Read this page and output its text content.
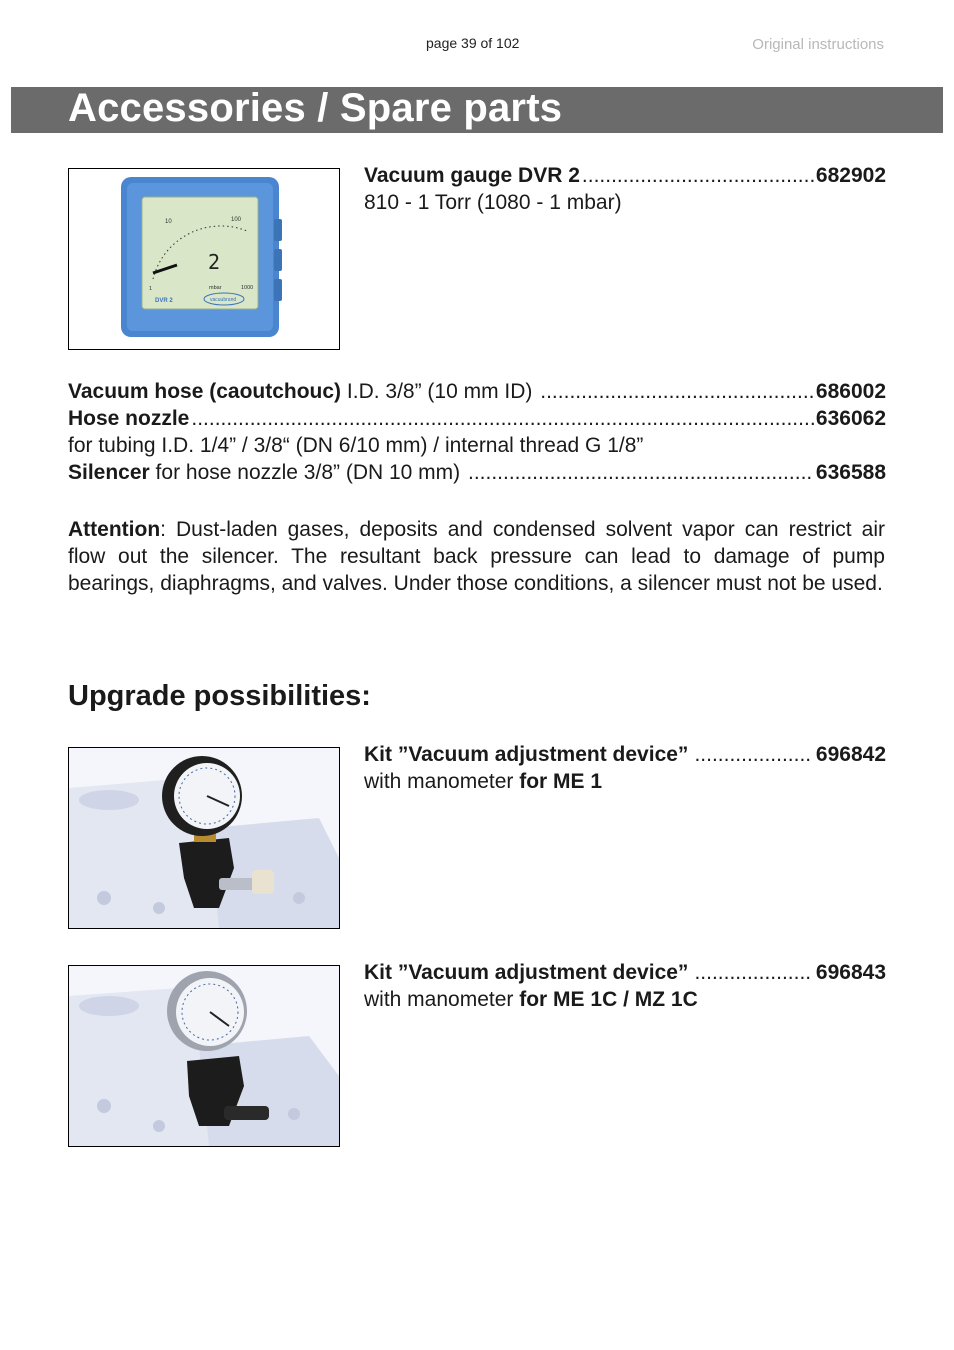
page 39 of 102	Original instructions
Accessories / Spare parts
10	100
2
mbar
1	1000
DVR 2	vacuubrand
Vacuum gauge DVR 2 .....	682902
810 - 1 Torr (1080 - 1 mbar)
Vacuum hose (caoutchouc) I.D. 3/8” (10 mm ID) .....	686002
Hose nozzle .....	636062
for tubing I.D. 1/4” / 3/8“ (DN 6/10 mm) / internal thread G 1/8”
Silencer for hose nozzle 3/8” (DN 10 mm) .....	636588
Attention: Dust-laden gases, deposits and condensed solvent vapor can restrict air flow out the silencer. The resultant back pressure can lead to damage of pump bearings, diaphragms, and valves. Under those conditions, a silencer must not be used.
Upgrade possibilities:
Kit ”Vacuum adjustment device” .....	696842
with manometer for ME 1
Kit ”Vacuum adjustment device” .....	696843
with manometer for ME 1C / MZ 1C
